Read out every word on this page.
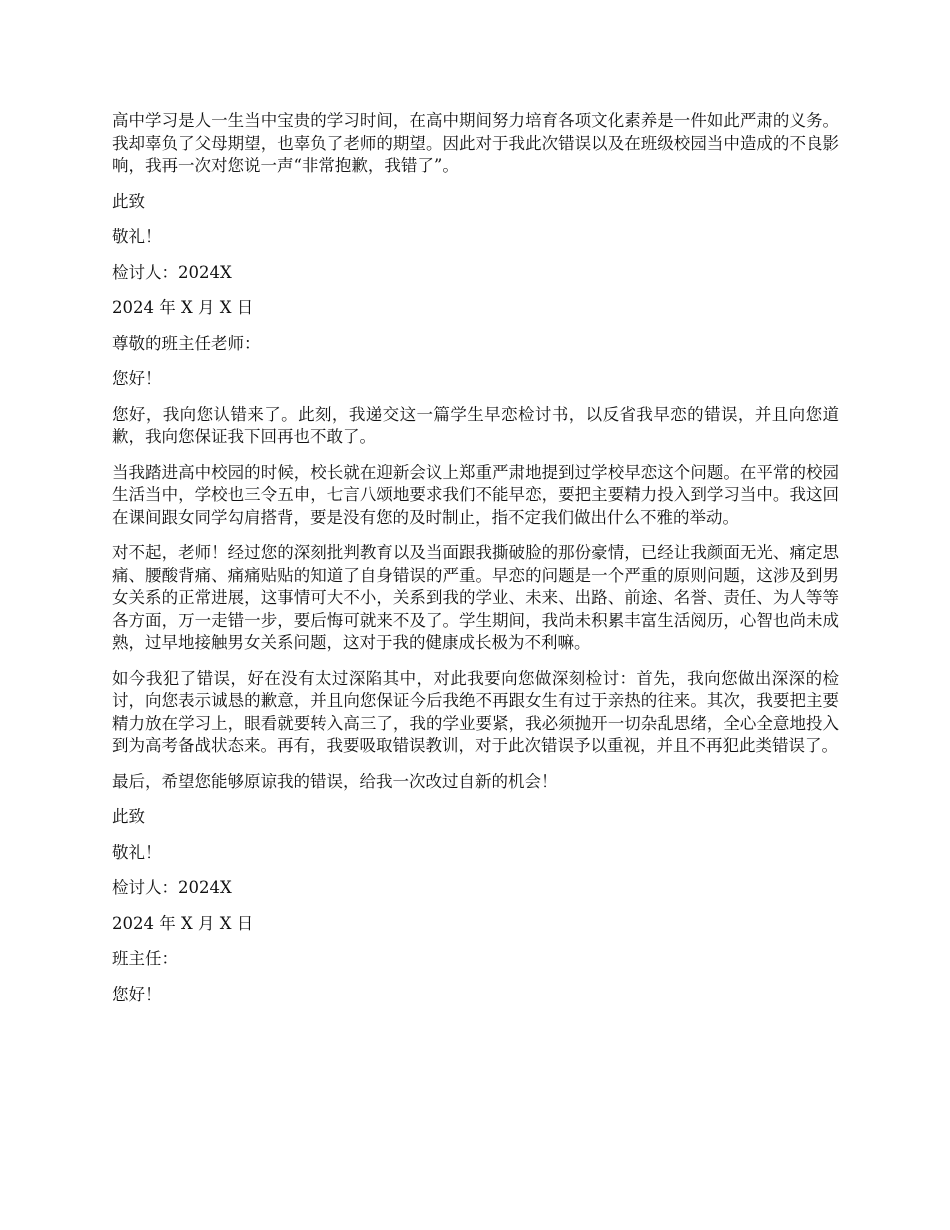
高中学习是人一生当中宝贵的学习时间，在高中期间努力培育各项文化素养是一件如此严肃的义务。我却辜负了父母期望，也辜负了老师的期望。因此对于我此次错误以及在班级校园当中造成的不良影响，我再一次对您说一声“非常抱歉，我错了”。

此致

敬礼！

检讨人：2024X

2024 年 X 月 X 日

尊敬的班主任老师：

您好！

您好，我向您认错来了。此刻，我递交这一篇学生早恋检讨书，以反省我早恋的错误，并且向您道歉，我向您保证我下回再也不敢了。

当我踏进高中校园的时候，校长就在迎新会议上郑重严肃地提到过学校早恋这个问题。在平常的校园生活当中，学校也三令五申，七言八颂地要求我们不能早恋，要把主要精力投入到学习当中。我这回在课间跟女同学勾肩搭背，要是没有您的及时制止，指不定我们做出什么不雅的举动。

对不起，老师！经过您的深刻批判教育以及当面跟我撕破脸的那份豪情，已经让我颜面无光、痛定思痛、腰酸背痛、痛痛贴贴的知道了自身错误的严重。早恋的问题是一个严重的原则问题，这涉及到男女关系的正常进展，这事情可大不小，关系到我的学业、未来、出路、前途、名誉、责任、为人等等各方面，万一走错一步，要后悔可就来不及了。学生期间，我尚未积累丰富生活阅历，心智也尚未成熟，过早地接触男女关系问题，这对于我的健康成长极为不利嘛。

如今我犯了错误，好在没有太过深陷其中，对此我要向您做深刻检讨：首先，我向您做出深深的检讨，向您表示诚恳的歉意，并且向您保证今后我绝不再跟女生有过于亲热的往来。其次，我要把主要精力放在学习上，眼看就要转入高三了，我的学业要紧，我必须抛开一切杂乱思绪，全心全意地投入到为高考备战状态来。再有，我要吸取错误教训，对于此次错误予以重视，并且不再犯此类错误了。

最后，希望您能够原谅我的错误，给我一次改过自新的机会！

此致

敬礼！

检讨人：2024X

2024 年 X 月 X 日

班主任：

您好！
